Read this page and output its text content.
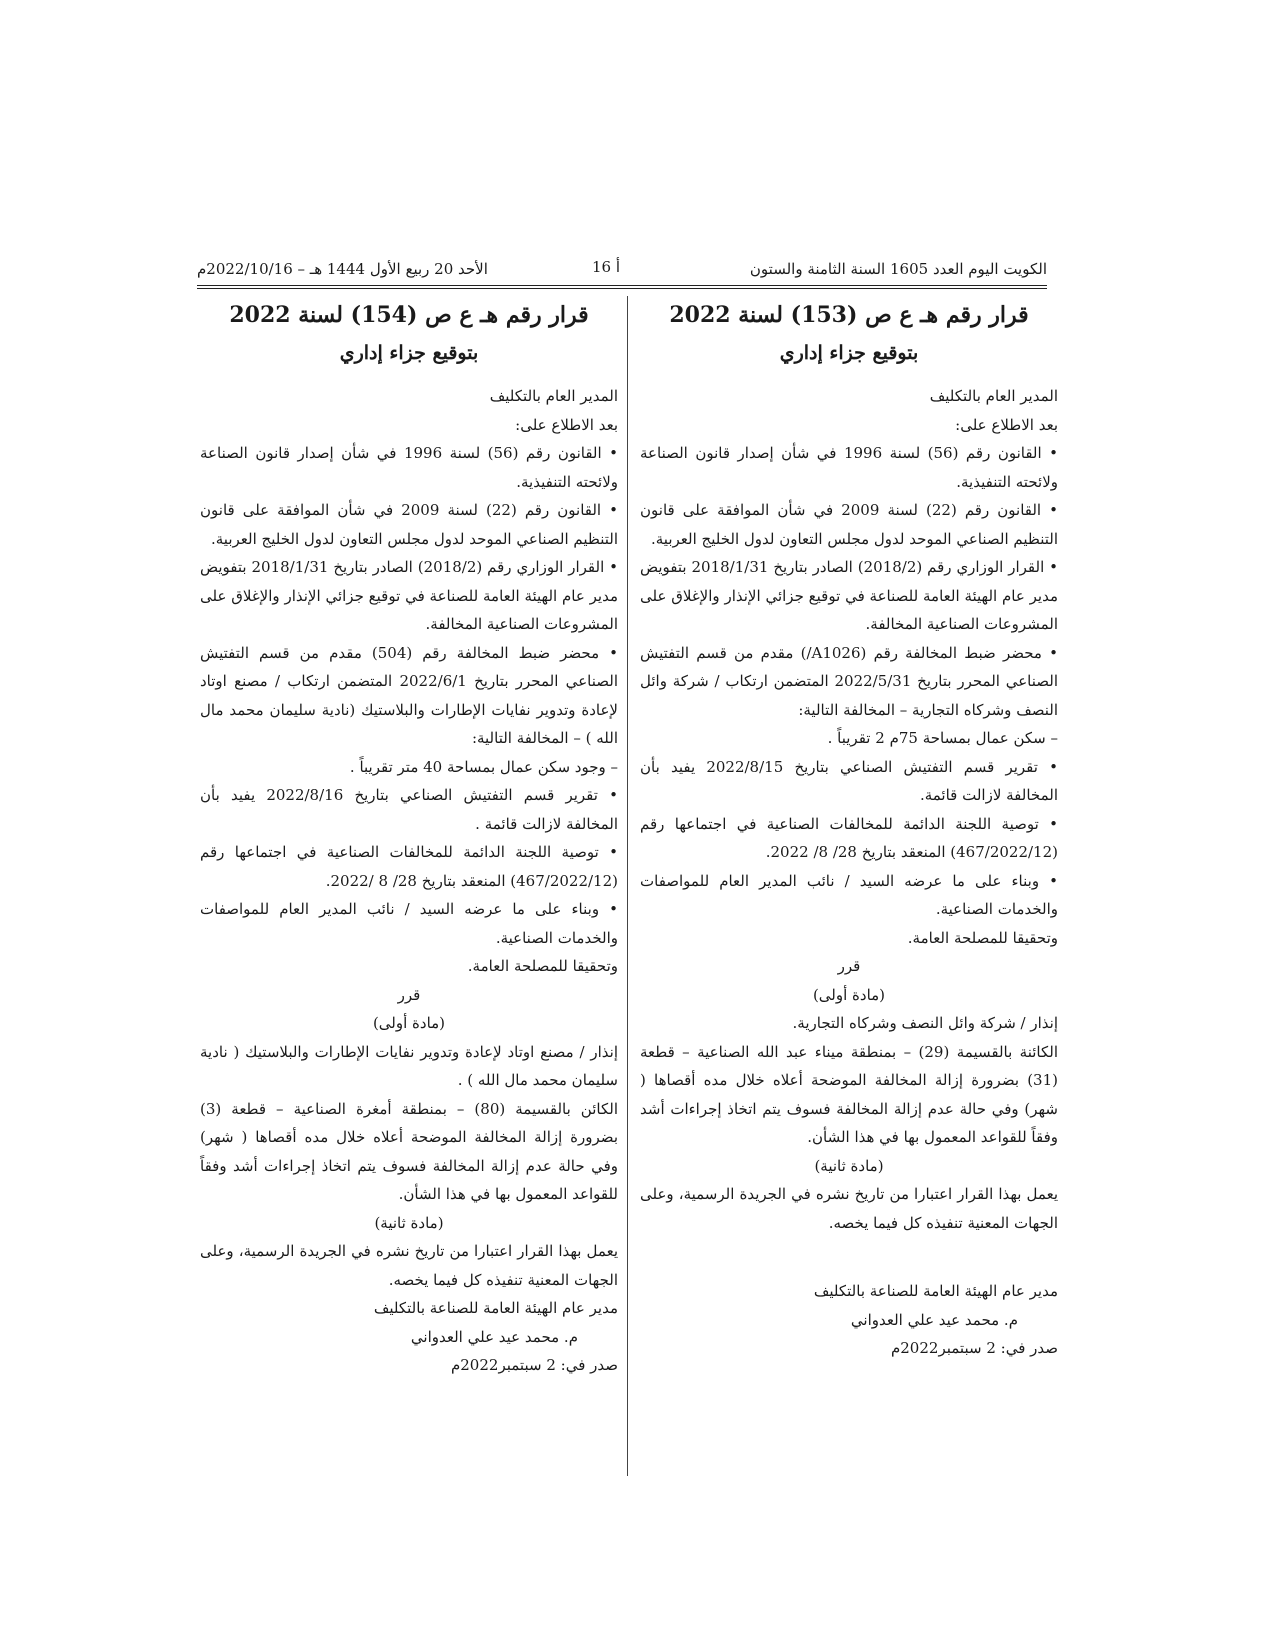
الكويت اليوم العدد 1605 السنة الثامنة والستون
أ 16
الأحد 20 ربيع الأول 1444 هـ – 2022/10/16م

قرار رقم هـ ع ص (153) لسنة 2022

بتوقيع جزاء إداري

المدير العام بالتكليف

بعد الاطلاع على:

• القانون رقم (56) لسنة 1996 في شأن إصدار قانون الصناعة ولائحته التنفيذية.

• القانون رقم (22) لسنة 2009 في شأن الموافقة على قانون التنظيم الصناعي الموحد لدول مجلس التعاون لدول الخليج العربية.

• القرار الوزاري رقم (2018/2) الصادر بتاريخ 2018/1/31 بتفويض مدير عام الهيئة العامة للصناعة في توقيع جزائي الإنذار والإغلاق على المشروعات الصناعية المخالفة.

• محضر ضبط المخالفة رقم (A1026/) مقدم من قسم التفتيش الصناعي المحرر بتاريخ 2022/5/31 المتضمن ارتكاب / شركة وائل النصف وشركاه التجارية – المخالفة التالية:

– سكن عمال بمساحة 75م 2 تقريباً .

• تقرير قسم التفتيش الصناعي بتاريخ 2022/8/15 يفيد بأن المخالفة لازالت قائمة.

• توصية اللجنة الدائمة للمخالفات الصناعية في اجتماعها رقم (467/2022/12) المنعقد بتاريخ 28/ 8/ 2022.

• وبناء على ما عرضه السيد / نائب المدير العام للمواصفات والخدمات الصناعية.

وتحقيقا للمصلحة العامة.

قرر

(مادة أولى)

إنذار / شركة وائل النصف وشركاه التجارية.

الكائنة بالقسيمة (29) – بمنطقة ميناء عبد الله الصناعية – قطعة (31) بضرورة إزالة المخالفة الموضحة أعلاه خلال مده أقصاها ( شهر) وفي حالة عدم إزالة المخالفة فسوف يتم اتخاذ إجراءات أشد وفقاً للقواعد المعمول بها في هذا الشأن.

(مادة ثانية)

يعمل بهذا القرار اعتبارا من تاريخ نشره في الجريدة الرسمية، وعلى الجهات المعنية تنفيذه كل فيما يخصه.

مدير عام الهيئة العامة للصناعة بالتكليف

م. محمد عيد علي العدواني

صدر في: 2 سبتمبر2022م

قرار رقم هـ ع ص (154) لسنة 2022

بتوقيع جزاء إداري

المدير العام بالتكليف

بعد الاطلاع على:

• القانون رقم (56) لسنة 1996 في شأن إصدار قانون الصناعة ولائحته التنفيذية.

• القانون رقم (22) لسنة 2009 في شأن الموافقة على قانون التنظيم الصناعي الموحد لدول مجلس التعاون لدول الخليج العربية.

• القرار الوزاري رقم (2018/2) الصادر بتاريخ 2018/1/31 بتفويض مدير عام الهيئة العامة للصناعة في توقيع جزائي الإنذار والإغلاق على المشروعات الصناعية المخالفة.

• محضر ضبط المخالفة رقم (504) مقدم من قسم التفتيش الصناعي المحرر بتاريخ 2022/6/1 المتضمن ارتكاب / مصنع اوتاد لإعادة وتدوير نفايات الإطارات والبلاستيك (نادية سليمان محمد مال الله ) – المخالفة التالية:

– وجود سكن عمال بمساحة 40 متر تقريباً .

• تقرير قسم التفتيش الصناعي بتاريخ 2022/8/16 يفيد بأن المخالفة لازالت قائمة .

• توصية اللجنة الدائمة للمخالفات الصناعية في اجتماعها رقم (467/2022/12) المنعقد بتاريخ 28/ 8 /2022.

• وبناء على ما عرضه السيد / نائب المدير العام للمواصفات والخدمات الصناعية.

وتحقيقا للمصلحة العامة.

قرر

(مادة أولى)

إنذار / مصنع اوتاد لإعادة وتدوير نفايات الإطارات والبلاستيك ( نادية سليمان محمد مال الله ) .

الكائن بالقسيمة (80) – بمنطقة أمغرة الصناعية – قطعة (3) بضرورة إزالة المخالفة الموضحة أعلاه خلال مده أقصاها ( شهر) وفي حالة عدم إزالة المخالفة فسوف يتم اتخاذ إجراءات أشد وفقاً للقواعد المعمول بها في هذا الشأن.

(مادة ثانية)

يعمل بهذا القرار اعتبارا من تاريخ نشره في الجريدة الرسمية، وعلى الجهات المعنية تنفيذه كل فيما يخصه.

مدير عام الهيئة العامة للصناعة بالتكليف

م. محمد عيد علي العدواني

صدر في: 2 سبتمبر2022م
